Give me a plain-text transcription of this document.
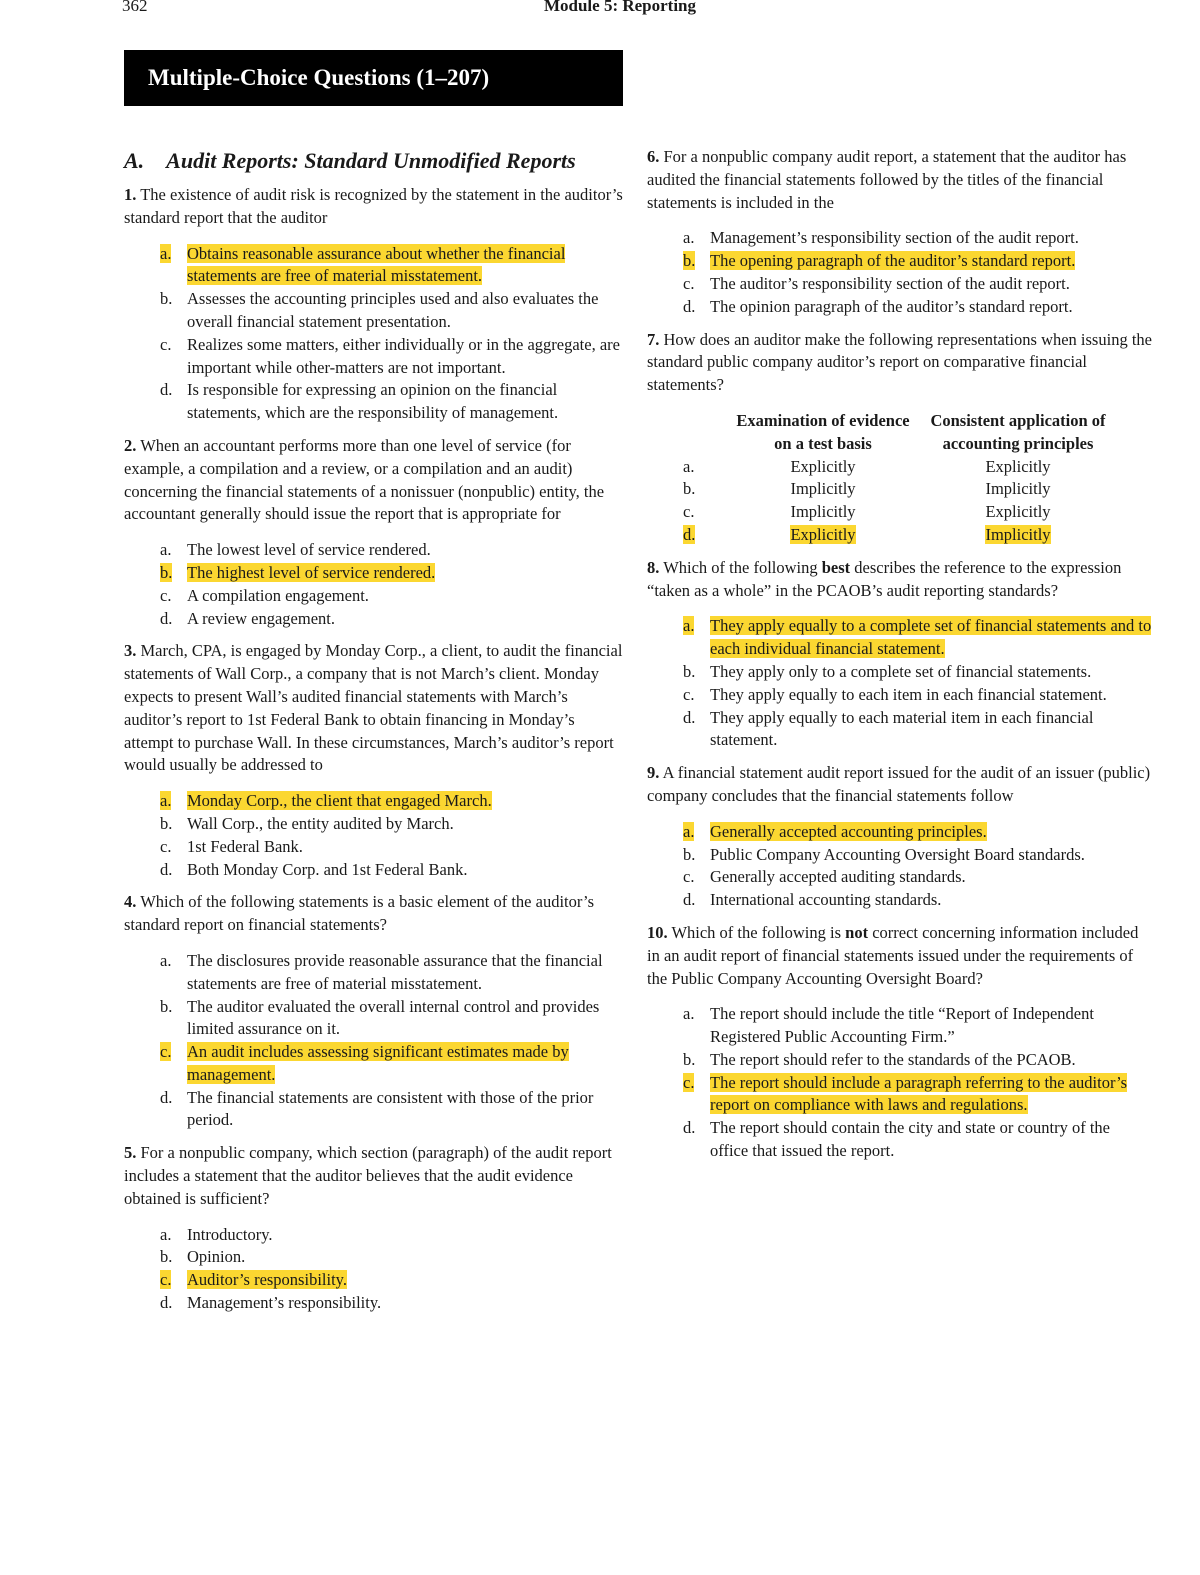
362	Module 5: Reporting
Multiple-Choice Questions (1–207)
A. Audit Reports: Standard Unmodified Reports
1. The existence of audit risk is recognized by the statement in the auditor’s standard report that the auditor
a. Obtains reasonable assurance about whether the financial statements are free of material misstatement.
b. Assesses the accounting principles used and also evaluates the overall financial statement presentation.
c. Realizes some matters, either individually or in the aggregate, are important while other-matters are not important.
d. Is responsible for expressing an opinion on the financial statements, which are the responsibility of management.
2. When an accountant performs more than one level of service (for example, a compilation and a review, or a compilation and an audit) concerning the financial statements of a nonissuer (nonpublic) entity, the accountant generally should issue the report that is appropriate for
a. The lowest level of service rendered.
b. The highest level of service rendered.
c. A compilation engagement.
d. A review engagement.
3. March, CPA, is engaged by Monday Corp., a client, to audit the financial statements of Wall Corp., a company that is not March’s client. Monday expects to present Wall’s audited financial statements with March’s auditor’s report to 1st Federal Bank to obtain financing in Monday’s attempt to purchase Wall. In these circumstances, March’s auditor’s report would usually be addressed to
a. Monday Corp., the client that engaged March.
b. Wall Corp., the entity audited by March.
c. 1st Federal Bank.
d. Both Monday Corp. and 1st Federal Bank.
4. Which of the following statements is a basic element of the auditor’s standard report on financial statements?
a. The disclosures provide reasonable assurance that the financial statements are free of material misstatement.
b. The auditor evaluated the overall internal control and provides limited assurance on it.
c. An audit includes assessing significant estimates made by management.
d. The financial statements are consistent with those of the prior period.
5. For a nonpublic company, which section (paragraph) of the audit report includes a statement that the auditor believes that the audit evidence obtained is sufficient?
a. Introductory.
b. Opinion.
c. Auditor’s responsibility.
d. Management’s responsibility.
6. For a nonpublic company audit report, a statement that the auditor has audited the financial statements followed by the titles of the financial statements is included in the
a. Management’s responsibility section of the audit report.
b. The opening paragraph of the auditor’s standard report.
c. The auditor’s responsibility section of the audit report.
d. The opinion paragraph of the auditor’s standard report.
7. How does an auditor make the following representations when issuing the standard public company auditor’s report on comparative financial statements?
	Examination of evidence on a test basis	Consistent application of accounting principles
a.	Explicitly	Explicitly
b.	Implicitly	Implicitly
c.	Implicitly	Explicitly
d.	Explicitly	Implicitly
8. Which of the following best describes the reference to the expression “taken as a whole” in the PCAOB’s audit reporting standards?
a. They apply equally to a complete set of financial statements and to each individual financial statement.
b. They apply only to a complete set of financial statements.
c. They apply equally to each item in each financial statement.
d. They apply equally to each material item in each financial statement.
9. A financial statement audit report issued for the audit of an issuer (public) company concludes that the financial statements follow
a. Generally accepted accounting principles.
b. Public Company Accounting Oversight Board standards.
c. Generally accepted auditing standards.
d. International accounting standards.
10. Which of the following is not correct concerning information included in an audit report of financial statements issued under the requirements of the Public Company Accounting Oversight Board?
a. The report should include the title “Report of Independent Registered Public Accounting Firm.”
b. The report should refer to the standards of the PCAOB.
c. The report should include a paragraph referring to the auditor’s report on compliance with laws and regulations.
d. The report should contain the city and state or country of the office that issued the report.
